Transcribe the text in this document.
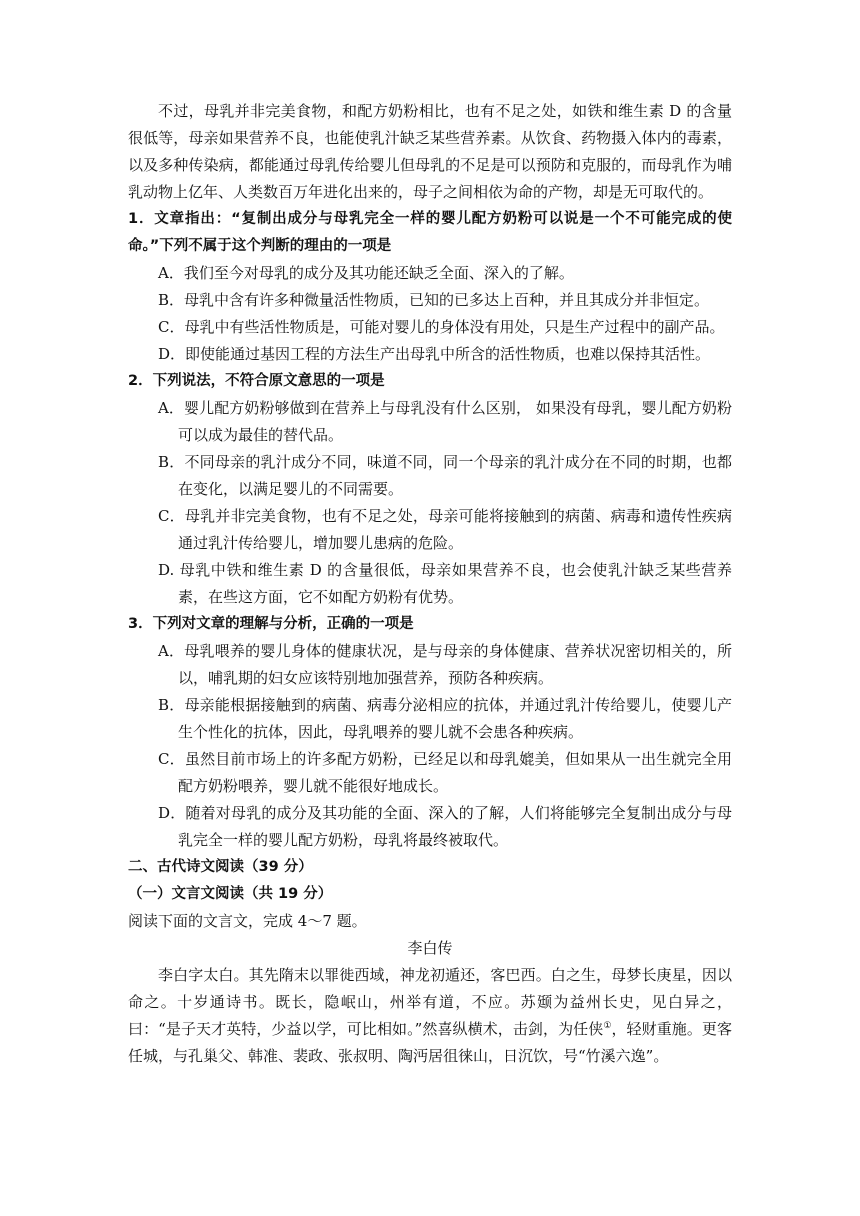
不过，母乳并非完美食物，和配方奶粉相比，也有不足之处，如铁和维生素 D 的含量很低等，母亲如果营养不良，也能使乳汁缺乏某些营养素。从饮食、药物摄入体内的毒素，以及多种传染病，都能通过母乳传给婴儿但母乳的不足是可以预防和克服的，而母乳作为哺乳动物上亿年、人类数百万年进化出来的，母子之间相依为命的产物，却是无可取代的。
1．文章指出：“复制出成分与母乳完全一样的婴儿配方奶粉可以说是一个不可能完成的使命。”下列不属于这个判断的理由的一项是
A．我们至今对母乳的成分及其功能还缺乏全面、深入的了解。
B．母乳中含有许多种微量活性物质，已知的已多达上百种，并且其成分并非恒定。
C．母乳中有些活性物质是，可能对婴儿的身体没有用处，只是生产过程中的副产品。
D．即使能通过基因工程的方法生产出母乳中所含的活性物质，也难以保持其活性。
2．下列说法，不符合原文意思的一项是
A．婴儿配方奶粉够做到在营养上与母乳没有什么区别， 如果没有母乳，婴儿配方奶粉可以成为最佳的替代品。
B．不同母亲的乳汁成分不同，味道不同，同一个母亲的乳汁成分在不同的时期，也都在变化，以满足婴儿的不同需要。
C．母乳并非完美食物，也有不足之处，母亲可能将接触到的病菌、病毒和遗传性疾病通过乳汁传给婴儿，增加婴儿患病的危险。
D. 母乳中铁和维生素 D 的含量很低，母亲如果营养不良，也会使乳汁缺乏某些营养素，在些这方面，它不如配方奶粉有优势。
3．下列对文章的理解与分析，正确的一项是
A．母乳喂养的婴儿身体的健康状况，是与母亲的身体健康、营养状况密切相关的，所以，哺乳期的妇女应该特别地加强营养，预防各种疾病。
B．母亲能根据接触到的病菌、病毒分泌相应的抗体，并通过乳汁传给婴儿，使婴儿产生个性化的抗体，因此，母乳喂养的婴儿就不会患各种疾病。
C．虽然目前市场上的许多配方奶粉，已经足以和母乳媲美，但如果从一出生就完全用配方奶粉喂养，婴儿就不能很好地成长。
D．随着对母乳的成分及其功能的全面、深入的了解，人们将能够完全复制出成分与母乳完全一样的婴儿配方奶粉，母乳将最终被取代。
二、古代诗文阅读（39 分）
（一）文言文阅读（共 19 分）
阅读下面的文言文，完成 4～7 题。
李白传
李白字太白。其先隋末以罪徙西域，神龙初遁还，客巴西。白之生，母梦长庚星，因以命之。十岁通诗书。既长，隐岷山，州举有道，不应。苏颋为益州长史，见白异之，曰：“是子天才英特，少益以学，可比相如。”然喜纵横术，击剑，为任侠①，轻财重施。更客任城，与孔巢父、韩准、裴政、张叔明、陶沔居徂徕山，日沉饮，号“竹溪六逸”。
